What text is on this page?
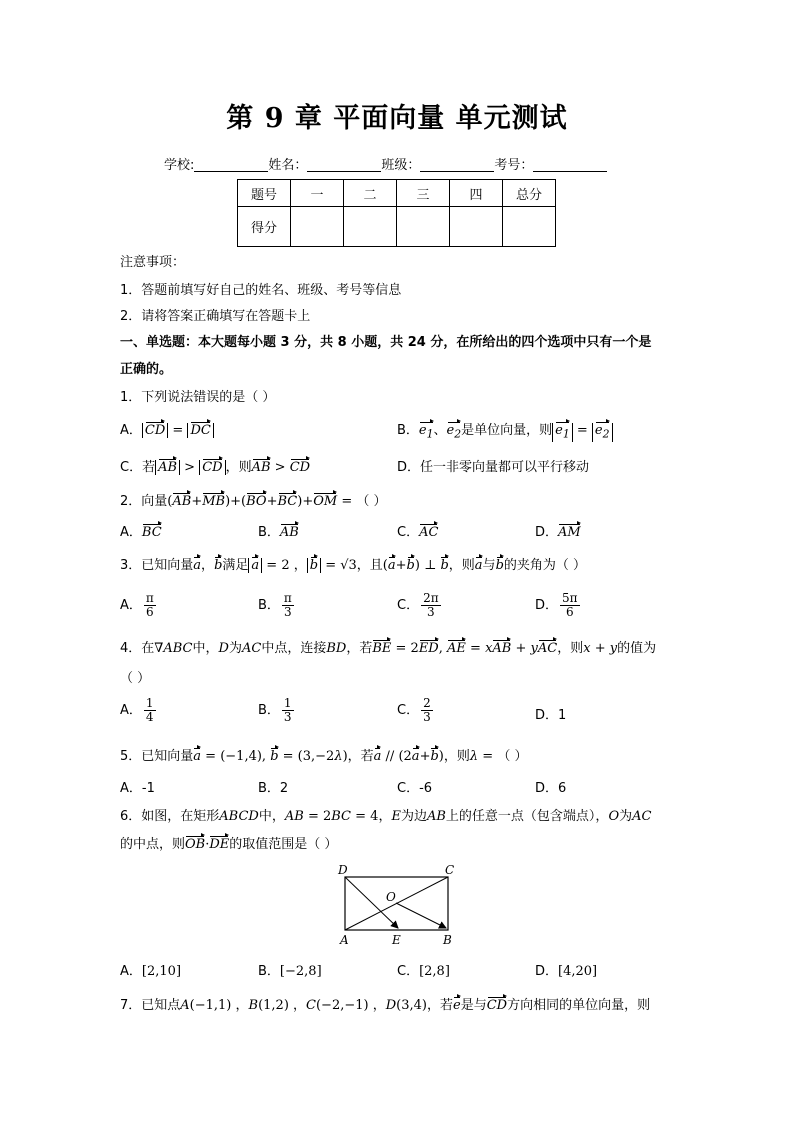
第 9 章 平面向量 单元测试
学校:	姓名：	班级：	考号：
题号	一	二	三	四	总分
得分					
注意事项：
1．答题前填写好自己的姓名、班级、考号等信息
2．请将答案正确填写在答题卡上
一、单选题：本大题每小题 3 分，共 8 小题，共 24 分，在所给出的四个选项中只有一个是
正确的。
1．下列说法错误的是（ ）
A． CD = DC	B．$e_1$、$e_2$是单位向量，则 $e_1 = e_2$
C．若 AB > CD ，则AB > CD	D．任一非零向量都可以平行移动
2．向量(AB+MB)+(BO+BC)+OM = （ ）
A．BC	B．AB	C．AC	D．AM
3．已知向量a，b满足 a = 2 ， b = √3，且(a+b) ⊥ b，则a与b的夹角为（ ）
A． $\frac{\pi}{6}$	B． $\frac{\pi}{3}$	C． $\frac{2\pi}{3}$	D． $\frac{5\pi}{6}$
4．在∇ABC中，D为AC中点，连接BD，若BE = 2ED, AE = xAB + yAC，则x + y的值为
（ ）
A． $\frac{1}{4}$	B． $\frac{1}{3}$	C． $\frac{2}{3}$	D．1
5．已知向量a = (−1,4), b = (3,−2λ)，若a // (2a+b)，则λ = （ ）
A．-1	B．2	C．-6	D．6
6．如图，在矩形ABCD中，AB = 2BC = 4，E为边AB上的任意一点（包含端点），O为AC
的中点，则OB·DE的取值范围是（ ）
D	C
O
A	E	B
A．[2,10]	B．[−2,8]	C．[2,8]	D．[4,20]
7．已知点A(−1,1) ，B(1,2) ，C(−2,−1) ，D(3,4)，若e是与CD方向相同的单位向量，则
